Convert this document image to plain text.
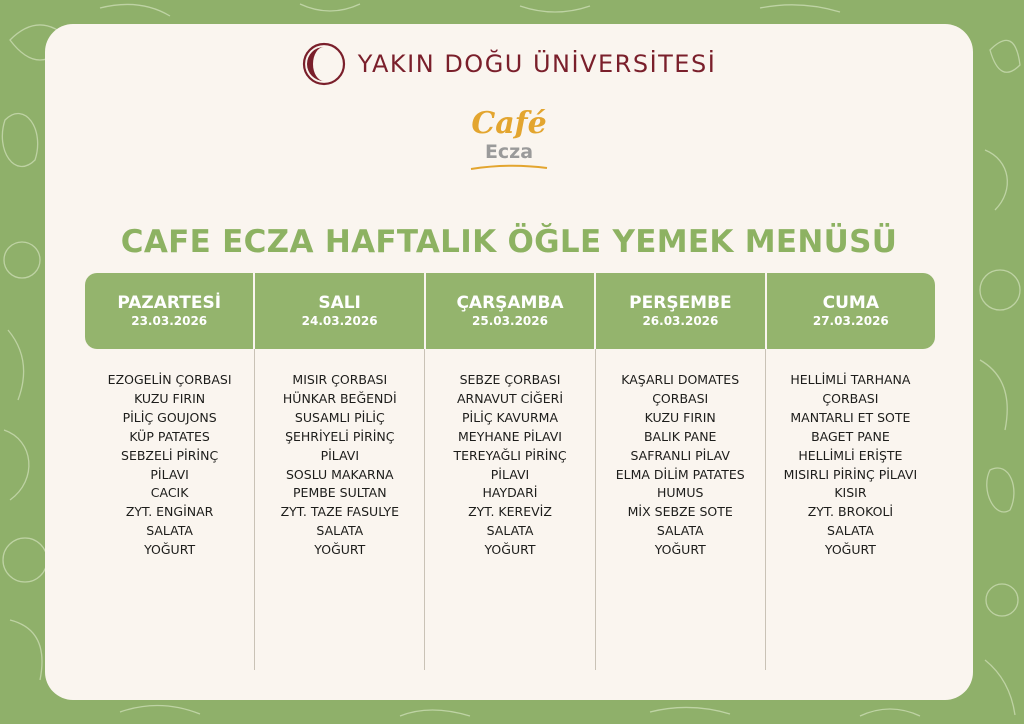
YAKIN DOĞU ÜNİVERSİTESİ
Café
Ecza
CAFE ECZA HAFTALIK ÖĞLE YEMEK MENÜSÜ
PAZARTESİ
23.03.2026
SALI
24.03.2026
ÇARŞAMBA
25.03.2026
PERŞEMBE
26.03.2026
CUMA
27.03.2026
EZOGELİN ÇORBASI
KUZU FIRIN
PİLİÇ GOUJONS
KÜP PATATES
SEBZELİ PİRİNÇ
PİLAVI
CACIK
ZYT. ENGİNAR
SALATA
YOĞURT
MISIR ÇORBASI
HÜNKAR BEĞENDİ
SUSAMLI PİLİÇ
ŞEHRİYELİ PİRİNÇ
PİLAVI
SOSLU MAKARNA
PEMBE SULTAN
ZYT. TAZE FASULYE
SALATA
YOĞURT
SEBZE ÇORBASI
ARNAVUT CİĞERİ
PİLİÇ KAVURMA
MEYHANE PİLAVI
TEREYAĞLI PİRİNÇ
PİLAVI
HAYDARİ
ZYT. KEREVİZ
SALATA
YOĞURT
KAŞARLI DOMATES
ÇORBASI
KUZU FIRIN
BALIK PANE
SAFRANLI PİLAV
ELMA DİLİM PATATES
HUMUS
MİX SEBZE SOTE
SALATA
YOĞURT
HELLİMLİ TARHANA
ÇORBASI
MANTARLI ET SOTE
BAGET PANE
HELLİMLİ ERİŞTE
MISIRLI PİRİNÇ PİLAVI
KISIR
ZYT. BROKOLİ
SALATA
YOĞURT
